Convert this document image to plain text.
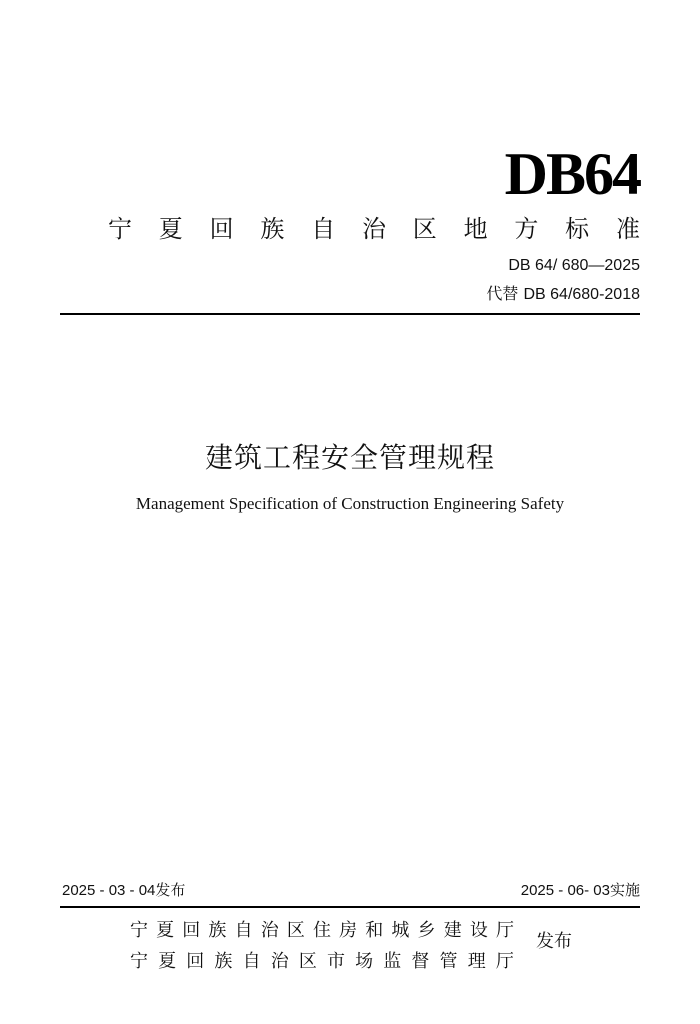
DB64
宁 夏 回 族 自 治 区 地 方 标 准
DB 64/ 680—2025
代替 DB 64/680-2018
建筑工程安全管理规程
Management Specification of Construction Engineering Safety
2025 - 03 - 04发布	2025 - 06- 03实施
宁 夏 回 族 自 治 区 住 房 和 城 乡 建 设 厅
宁 夏 回 族 自 治 区 市 场 监 督 管 理 厅
发布
